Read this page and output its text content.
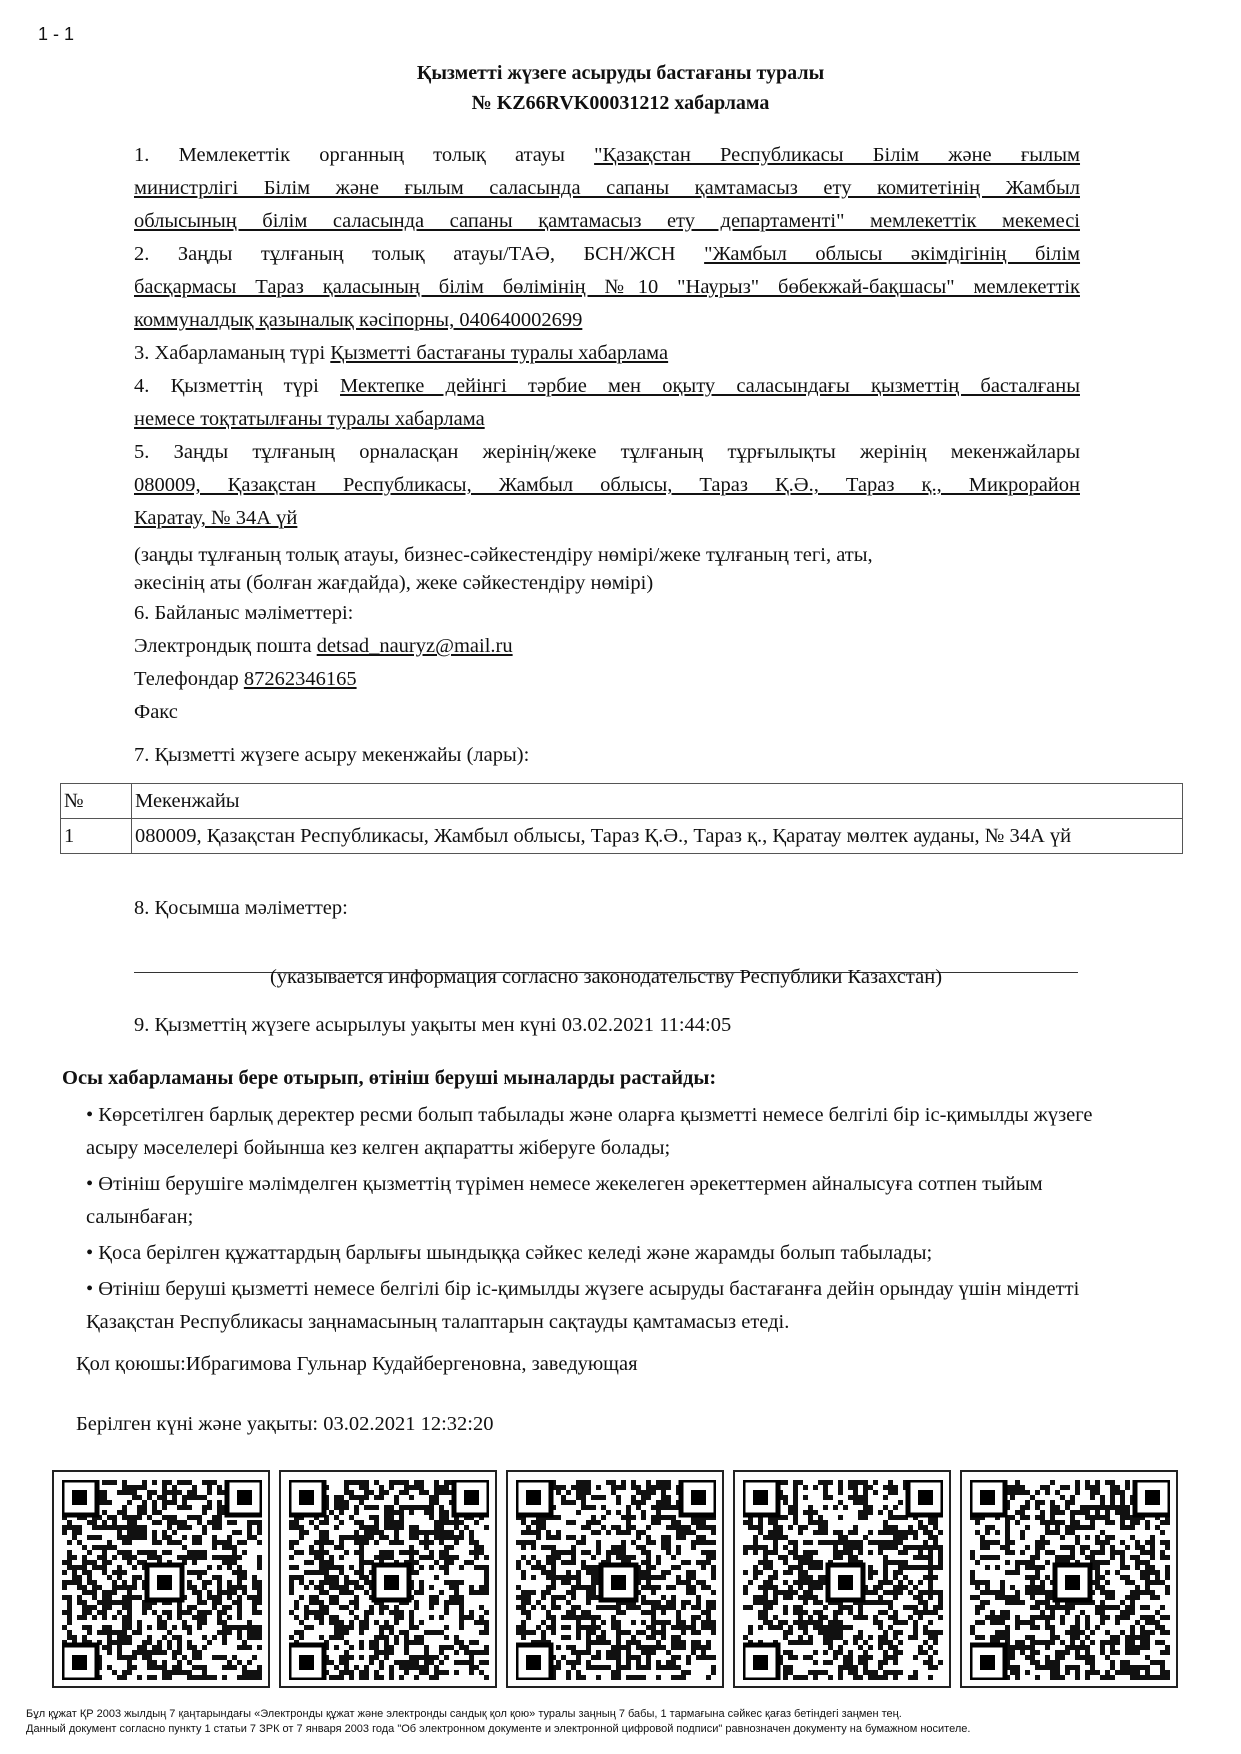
1 - 1
Қызметті жүзеге асыруды бастағаны туралы
№ KZ66RVK00031212 хабарлама
1. Мемлекеттік органның толық атауы "Қазақстан Республикасы Білім және ғылым
министрлігі Білім және ғылым саласында сапаны қамтамасыз ету комитетінің Жамбыл
облысының білім саласында сапаны қамтамасыз ету департаменті" мемлекеттік мекемесі
2. Заңды тұлғаның толық атауы/ТАӘ, БСН/ЖСН "Жамбыл облысы әкімдігінің білім
басқармасы Тараз қаласының білім бөлімінің №10 "Наурыз" бөбекжай-бақшасы" мемлекеттік
коммуналдық қазыналық кәсіпорны, 040640002699
3. Хабарламаның түрі Қызметті бастағаны туралы хабарлама
4. Қызметтің түрі Мектепке дейінгі тәрбие мен оқыту саласындағы қызметтің басталғаны
немесе тоқтатылғаны туралы хабарлама
5. Заңды тұлғаның орналасқан жерінің/жеке тұлғаның тұрғылықты жерінің мекенжайлары
080009, Қазақстан Республикасы, Жамбыл облысы, Тараз Қ.Ә., Тараз қ., Микрорайон
Каратау, № 34А үй
(заңды тұлғаның толық атауы, бизнес-сәйкестендіру нөмірі/жеке тұлғаның тегі, аты,
әкесінің аты (болған жағдайда), жеке сәйкестендіру нөмірі)
6. Байланыс мәліметтері:
Электрондық пошта detsad_nauryz@mail.ru
Телефондар 87262346165
Факс
7. Қызметті жүзеге асыру мекенжайы (лары):
№	Мекенжайы
1	080009, Қазақстан Республикасы, Жамбыл облысы, Тараз Қ.Ә., Тараз қ., Қаратау мөлтек ауданы, № 34А үй
8. Қосымша мәліметтер:
(указывается информация согласно законодательству Республики Казахстан)
9. Қызметтің жүзеге асырылуы уақыты мен күні 03.02.2021 11:44:05
Осы хабарламаны бере отырып, өтініш беруші мыналарды растайды:

• Көрсетілген барлық деректер ресми болып табылады және оларға қызметті немесе белгілі бір іс-қимылды жүзеге асыру мәселелері бойынша кез келген ақпаратты жіберуге болады;

• Өтініш берушіге мәлімделген қызметтің түрімен немесе жекелеген әрекеттермен айналысуға сотпен тыйым салынбаған;

• Қоса берілген құжаттардың барлығы шындыққа сәйкес келеді және жарамды болып табылады;

• Өтініш беруші қызметті немесе белгілі бір іс-қимылды жүзеге асыруды бастағанға дейін орындау үшін міндетті Қазақстан Республикасы заңнамасының талаптарын сақтауды қамтамасыз етеді.

Қол қоюшы:Ибрагимова Гульнар Кудайбергеновна, заведующая
Берілген күні және уақыты: 03.02.2021 12:32:20
Бұл құжат ҚР 2003 жылдың 7 қаңтарындағы «Электронды құжат және электронды сандық қол қою» туралы заңның 7 бабы, 1 тармағына сәйкес қағаз бетіндегі заңмен тең.
Данный документ согласно пункту 1 статьи 7 ЗРК от 7 января 2003 года "Об электронном документе и электронной цифровой подписи" равнозначен документу на бумажном носителе.
